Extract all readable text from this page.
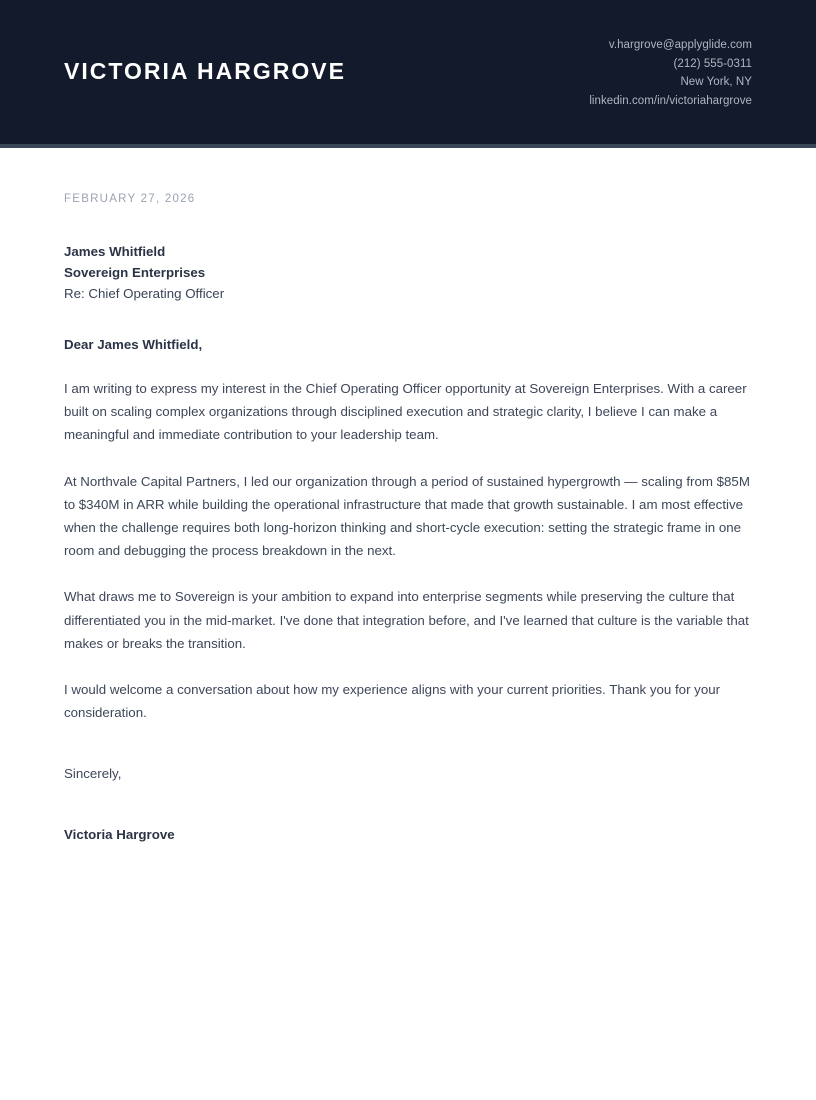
VICTORIA HARGROVE
v.hargrove@applyglide.com
(212) 555-0311
New York, NY
linkedin.com/in/victoriahargrove
FEBRUARY 27, 2026
James Whitfield
Sovereign Enterprises
Re: Chief Operating Officer
Dear James Whitfield,

I am writing to express my interest in the Chief Operating Officer opportunity at Sovereign Enterprises. With a career built on scaling complex organizations through disciplined execution and strategic clarity, I believe I can make a meaningful and immediate contribution to your leadership team.

At Northvale Capital Partners, I led our organization through a period of sustained hypergrowth — scaling from $85M to $340M in ARR while building the operational infrastructure that made that growth sustainable. I am most effective when the challenge requires both long-horizon thinking and short-cycle execution: setting the strategic frame in one room and debugging the process breakdown in the next.

What draws me to Sovereign is your ambition to expand into enterprise segments while preserving the culture that differentiated you in the mid-market. I've done that integration before, and I've learned that culture is the variable that makes or breaks the transition.

I would welcome a conversation about how my experience aligns with your current priorities. Thank you for your consideration.

Sincerely,
Victoria Hargrove
